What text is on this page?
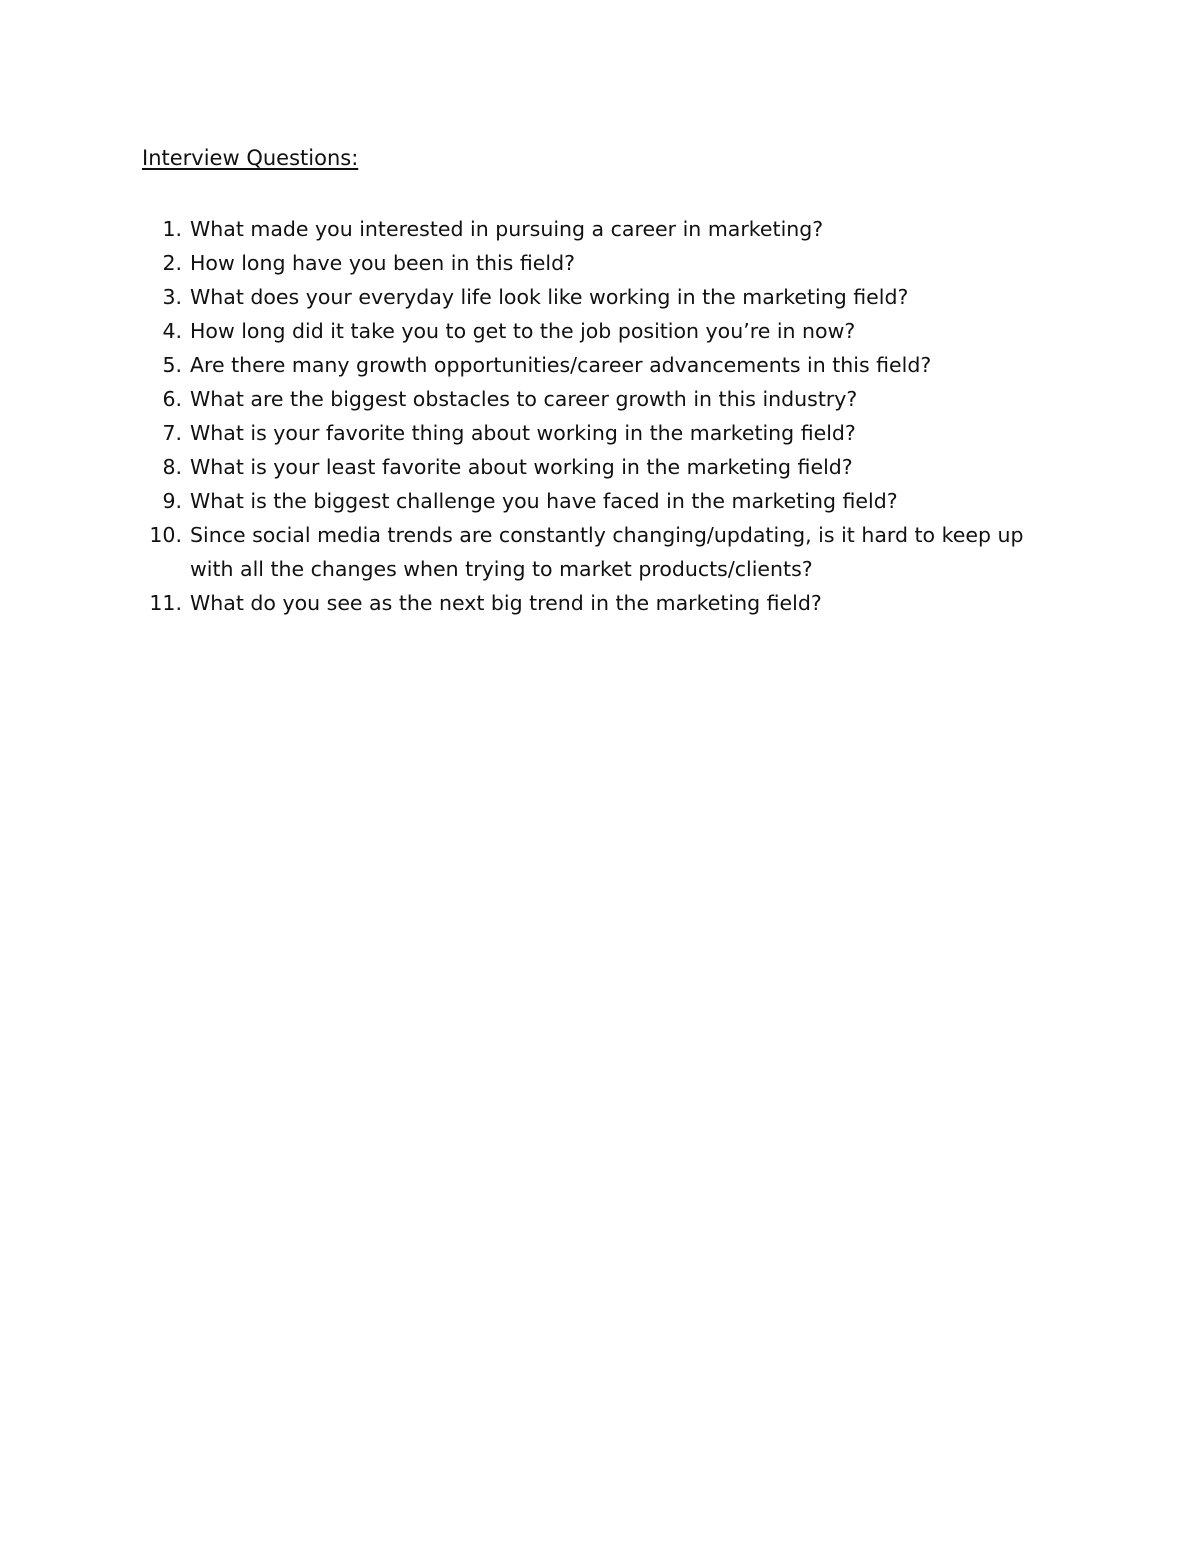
Interview Questions:
1. What made you interested in pursuing a career in marketing?
2. How long have you been in this field?
3. What does your everyday life look like working in the marketing field?
4. How long did it take you to get to the job position you’re in now?
5. Are there many growth opportunities/career advancements in this field?
6. What are the biggest obstacles to career growth in this industry?
7. What is your favorite thing about working in the marketing field?
8. What is your least favorite about working in the marketing field?
9. What is the biggest challenge you have faced in the marketing field?
10. Since social media trends are constantly changing/updating, is it hard to keep up with all the changes when trying to market products/clients?
11. What do you see as the next big trend in the marketing field?
